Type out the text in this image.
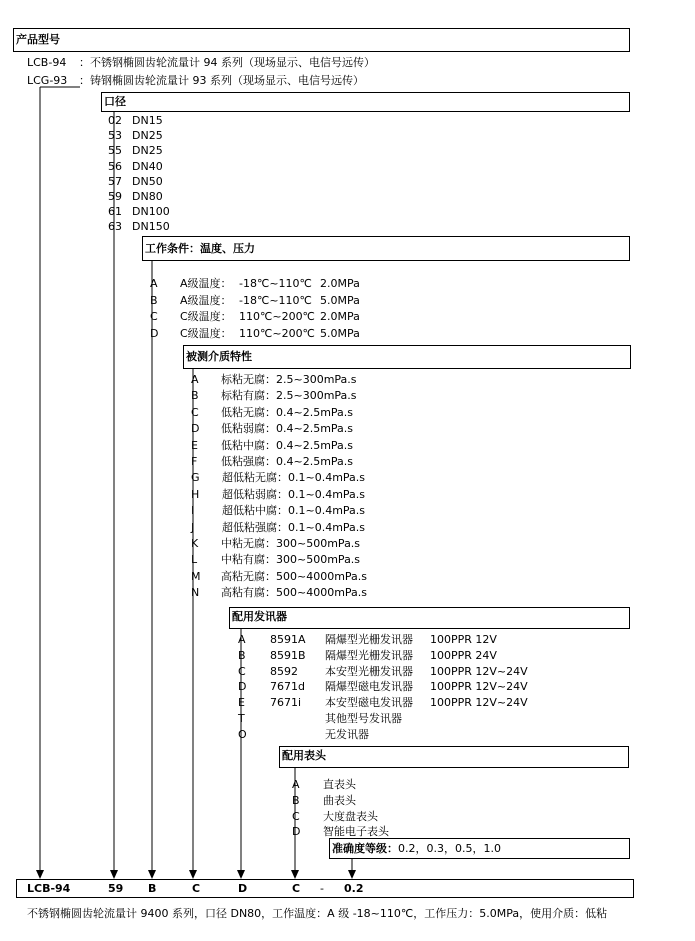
产品型号
LCB-94 ：不锈钢椭圆齿轮流量计 94 系列（现场显示、电信号远传）
LCG-93 ：铸钢椭圆齿轮流量计 93 系列（现场显示、电信号远传）
口径
02 DN15
53 DN25
55 DN25
56 DN40
57 DN50
59 DN80
61 DN100
63 DN150
工作条件：温度、压力
A A级温度： -18℃~110℃ 2.0MPa
B A级温度： -18℃~110℃ 5.0MPa
C C级温度： 110℃~200℃ 2.0MPa
D C级温度： 110℃~200℃ 5.0MPa
被测介质特性
A 标粘无腐：2.5~300mPa.s
B 标粘有腐：2.5~300mPa.s
C 低粘无腐：0.4~2.5mPa.s
D 低粘弱腐：0.4~2.5mPa.s
E 低粘中腐：0.4~2.5mPa.s
F 低粘强腐：0.4~2.5mPa.s
G 超低粘无腐：0.1~0.4mPa.s
H 超低粘弱腐：0.1~0.4mPa.s
I	超低粘中腐：0.1~0.4mPa.s
J	超低粘强腐：0.1~0.4mPa.s
K 中粘无腐：300~500mPa.s
L 中粘有腐：300~500mPa.s
M 高粘无腐：500~4000mPa.s
N 高粘有腐：500~4000mPa.s
配用发讯器
A 8591A 隔爆型光栅发讯器 100PPR 12V
B 8591B 隔爆型光栅发讯器 100PPR 24V
C 8592 本安型光栅发讯器 100PPR 12V~24V
D 7671d 隔爆型磁电发讯器 100PPR 12V~24V
E 7671i 本安型磁电发讯器 100PPR 12V~24V
T	其他型号发讯器
O	无发讯器
配用表头
A 直表头
B 曲表头
C 大度盘表头
D 智能电子表头
准确度等级：0.2，0.3，0.5，1.0
LCB-94	59 B	C	D	C - 0.2
不锈钢椭圆齿轮流量计 9400 系列，口径 DN80，工作温度：A 级 -18~110℃，工作压力：5.0MPa，使用介质：低粘
